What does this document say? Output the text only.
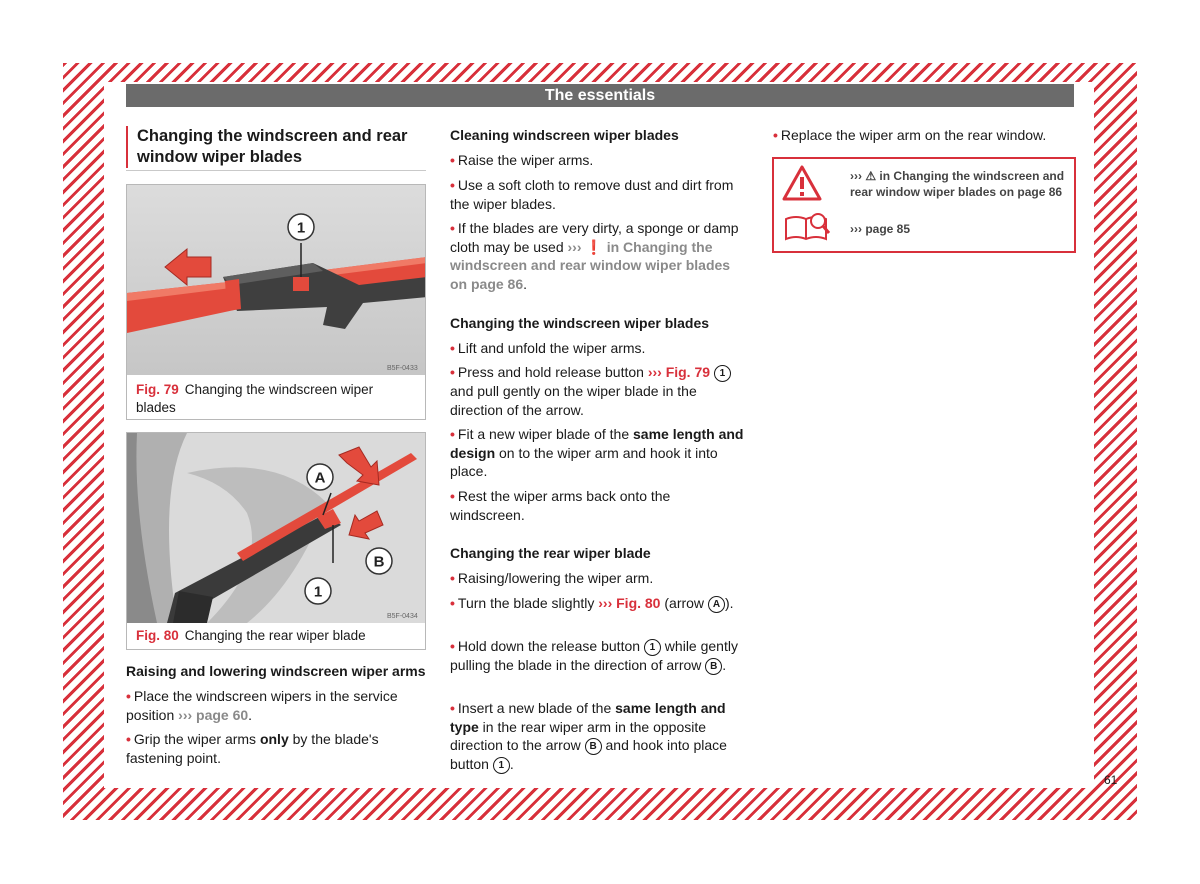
The essentials
Changing the windscreen and rear
window wiper blades
1
B5F-0433
Fig. 79 Changing the windscreen wiper blades
1
A
B
B5F-0434
Fig. 80 Changing the rear wiper blade
Raising and lowering windscreen wiper arms
• Place the windscreen wipers in the service position ››› page 60.
• Grip the wiper arms only by the blade's fastening point.
Cleaning windscreen wiper blades
• Raise the wiper arms.
• Use a soft cloth to remove dust and dirt from the wiper blades.
• If the blades are very dirty, a sponge or damp cloth may be used ››› ❗ in Changing the windscreen and rear window wiper blades on page 86.
Changing the windscreen wiper blades
• Lift and unfold the wiper arms.
• Press and hold release button ››› Fig. 79 1 and pull gently on the wiper blade in the direction of the arrow.
• Fit a new wiper blade of the same length and design on to the wiper arm and hook it into place.
• Rest the wiper arms back onto the windscreen.
Changing the rear wiper blade
• Raising/lowering the wiper arm.
• Turn the blade slightly ››› Fig. 80 (arrow A ).
• Hold down the release button 1 while gently pulling the blade in the direction of arrow B .
• Insert a new blade of the same length and type in the rear wiper arm in the opposite direction to the arrow B and hook into place button 1 .
• Replace the wiper arm on the rear window.
››› ⚠ in Changing the windscreen and
rear window wiper blades on page 86
››› page 85
61
